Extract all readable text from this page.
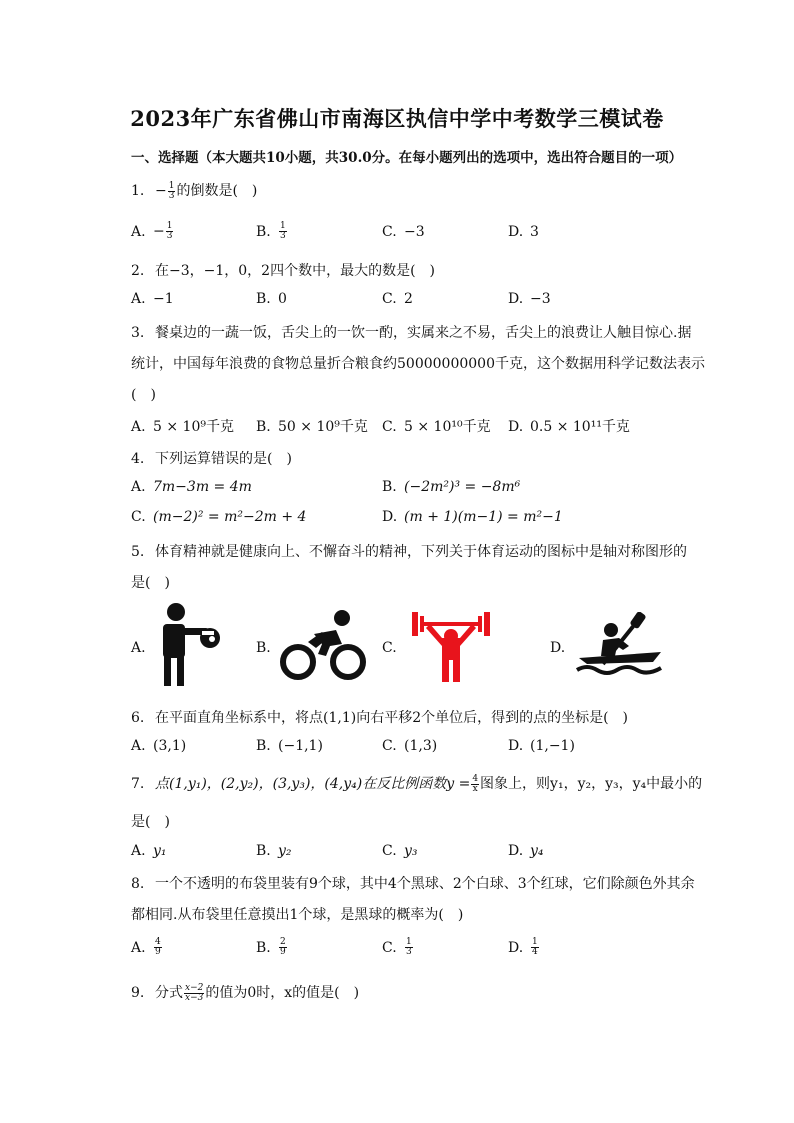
2023年广东省佛山市南海区执信中学中考数学三模试卷
一、选择题（本大题共10小题，共30.0分。在每小题列出的选项中，选出符合题目的一项）
1. − $\frac{1}{3}$ 的倒数是(　)
A. − $\frac{1}{3}$	B. $\frac{1}{3}$	C. −3	D. 3
2. 在−3，−1，0，2四个数中，最大的数是(　)
A. −1	B. 0	C. 2	D. −3
3. 餐桌边的一蔬一饭，舌尖上的一饮一酌，实属来之不易，舌尖上的浪费让人触目惊心.据
统计，中国每年浪费的食物总量折合粮食约50000000000千克，这个数据用科学记数法表示
(　)
A. 5 × 10⁹千克 B. 50 × 10⁹千克 C. 5 × 10¹⁰千克 D. 0.5 × 10¹¹千克
4. 下列运算错误的是(　)
A. 7m−3m = 4m	B. (−2m²)³ = −8m⁶
C. (m−2)² = m²−2m + 4	D. (m + 1)(m−1) = m²−1
5. 体育精神就是健康向上、不懈奋斗的精神，下列关于体育运动的图标中是轴对称图形的
是(　)
A.	B.	C.	D.
6. 在平面直角坐标系中，将点(1,1)向右平移2个单位后，得到的点的坐标是(　)
A. (3,1)	B. (−1,1)	C. (1,3)	D. (1,−1)
7. 点(1,y₁)，(2,y₂)，(3,y₃)，(4,y₄)在反比例函数$y = \frac{4}{x}$ 图象上，则y₁，y₂，y₃，y₄中最小的
是(　)
A. y₁	B. y₂	C. y₃	D. y₄
8. 一个不透明的布袋里装有9个球，其中4个黑球、2个白球、3个红球，它们除颜色外其余
都相同.从布袋里任意摸出1个球，是黑球的概率为(　)
A. $\frac{4}{9}$	B. $\frac{2}{9}$	C. $\frac{1}{3}$	D. $\frac{1}{4}$
9. 分式 $\frac{x-2}{x-3}$ 的值为0时，x的值是(　)
